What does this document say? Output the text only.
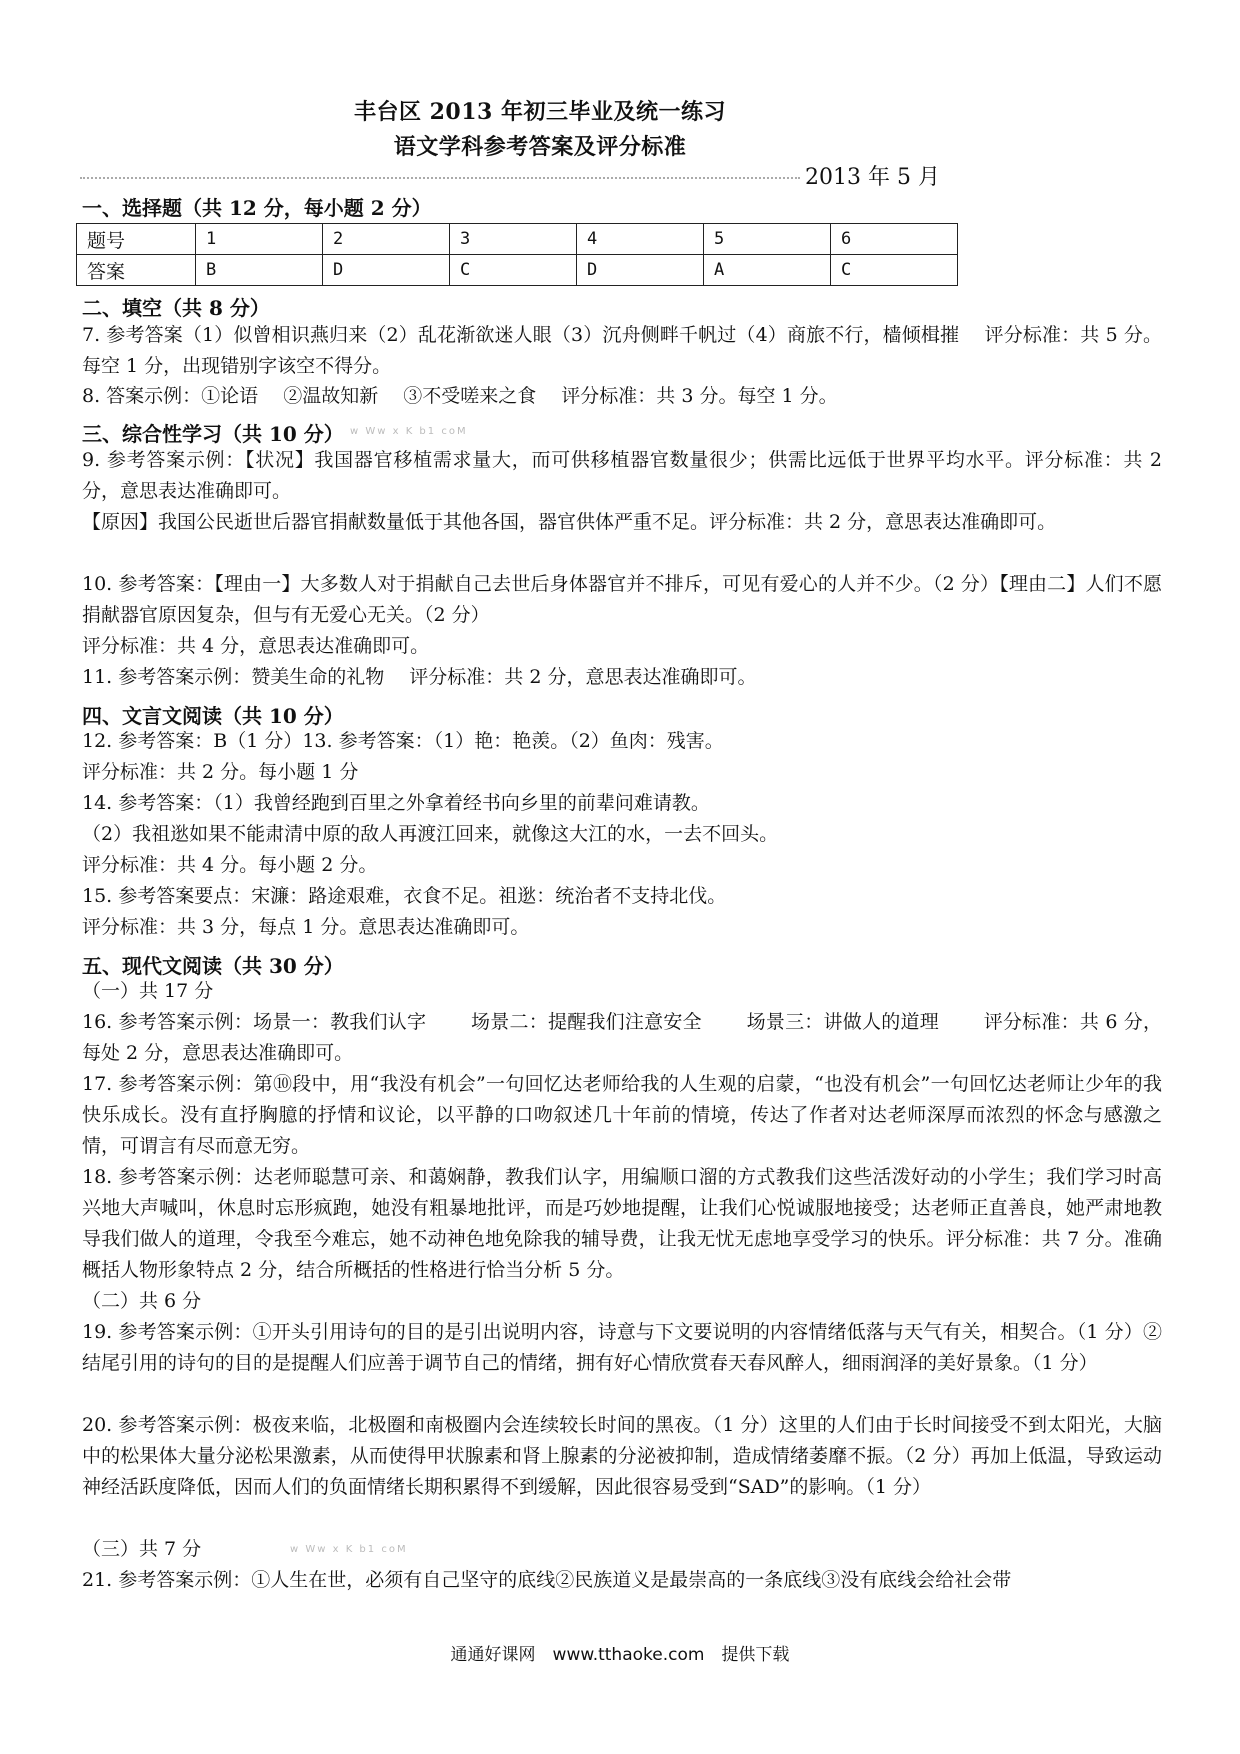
丰台区 2013 年初三毕业及统一练习
语文学科参考答案及评分标准
2013 年 5 月
一、选择题（共 12 分，每小题 2 分）
题号	1	2	3	4	5	6
答案	B	D	C	D	A	C
二、填空（共 8 分）
7. 参考答案（1）似曾相识燕归来（2）乱花渐欲迷人眼（3）沉舟侧畔千帆过（4）商旅不行，樯倾楫摧　 评分标准：共 5 分。每空 1 分，出现错别字该空不得分。
8. 答案示例：①论语　 ②温故知新　 ③不受嗟来之食　 评分标准：共 3 分。每空 1 分。
三、综合性学习（共 10 分） w Ww x K b1 coM
9. 参考答案示例：【状况】我国器官移植需求量大，而可供移植器官数量很少；供需比远低于世界平均水平。评分标准：共 2 分，意思表达准确即可。
【原因】我国公民逝世后器官捐献数量低于其他各国，器官供体严重不足。评分标准：共 2 分，意思表达准确即可。
10. 参考答案：【理由一】大多数人对于捐献自己去世后身体器官并不排斥，可见有爱心的人并不少。（2 分）【理由二】人们不愿捐献器官原因复杂，但与有无爱心无关。（2 分）
评分标准：共 4 分，意思表达准确即可。
11. 参考答案示例：赞美生命的礼物　 评分标准：共 2 分，意思表达准确即可。
四、文言文阅读（共 10 分）
12. 参考答案：B（1 分）13. 参考答案：（1）艳：艳羡。（2）鱼肉：残害。
评分标准：共 2 分。每小题 1 分
14. 参考答案：（1）我曾经跑到百里之外拿着经书向乡里的前辈问难请教。
（2）我祖逖如果不能肃清中原的敌人再渡江回来，就像这大江的水，一去不回头。
评分标准：共 4 分。每小题 2 分。
15. 参考答案要点：宋濂：路途艰难，衣食不足。祖逖：统治者不支持北伐。
评分标准：共 3 分，每点 1 分。意思表达准确即可。
五、现代文阅读（共 30 分）
（一）共 17 分
16. 参考答案示例：场景一：教我们认字　　 场景二：提醒我们注意安全　　 场景三：讲做人的道理　　 评分标准：共 6 分，每处 2 分，意思表达准确即可。
17. 参考答案示例：第⑩段中，用“我没有机会”一句回忆达老师给我的人生观的启蒙，“也没有机会”一句回忆达老师让少年的我快乐成长。没有直抒胸臆的抒情和议论，以平静的口吻叙述几十年前的情境，传达了作者对达老师深厚而浓烈的怀念与感激之情，可谓言有尽而意无穷。
18. 参考答案示例：达老师聪慧可亲、和蔼娴静，教我们认字，用编顺口溜的方式教我们这些活泼好动的小学生；我们学习时高兴地大声喊叫，休息时忘形疯跑，她没有粗暴地批评，而是巧妙地提醒，让我们心悦诚服地接受；达老师正直善良，她严肃地教导我们做人的道理，令我至今难忘，她不动神色地免除我的辅导费，让我无忧无虑地享受学习的快乐。评分标准：共 7 分。准确概括人物形象特点 2 分，结合所概括的性格进行恰当分析 5 分。
（二）共 6 分
19. 参考答案示例：①开头引用诗句的目的是引出说明内容，诗意与下文要说明的内容情绪低落与天气有关，相契合。（1 分）②结尾引用的诗句的目的是提醒人们应善于调节自己的情绪，拥有好心情欣赏春天春风醉人，细雨润泽的美好景象。（1 分）
20. 参考答案示例：极夜来临，北极圈和南极圈内会连续较长时间的黑夜。（1 分）这里的人们由于长时间接受不到太阳光，大脑中的松果体大量分泌松果激素，从而使得甲状腺素和肾上腺素的分泌被抑制，造成情绪萎靡不振。（2 分）再加上低温，导致运动神经活跃度降低，因而人们的负面情绪长期积累得不到缓解，因此很容易受到“SAD”的影响。（1 分）
w Ww x K b1 coM
（三）共 7 分
21. 参考答案示例：①人生在世，必须有自己坚守的底线②民族道义是最崇高的一条底线③没有底线会给社会带
通通好课网　www.tthaoke.com　提供下载
